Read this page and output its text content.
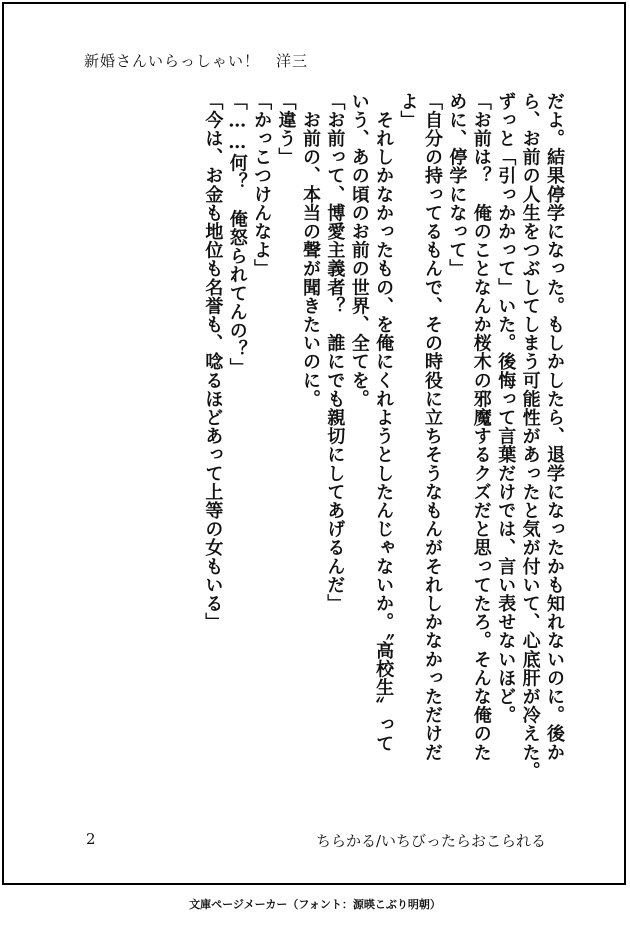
新婚さんいらっしゃい！　洋三
だよ。結果停学になった。もしかしたら、退学になったかも知れないのに。後か
ら、お前の人生をつぶしてしまう可能性があったと気が付いて、心底肝が冷えた。
ずっと「引っかかって」いた。後悔って言葉だけでは、言い表せないほど。
「お前は？　俺のことなんか桜木の邪魔するクズだと思ってたろ。そんな俺のた
めに、停学になって」
「自分の持ってるもんで、その時役に立ちそうなもんがそれしかなかっただけだ
よ」
　それしかなかったもの、を俺にくれようとしたんじゃないか。〝高校生〟って
いう、あの頃のお前の世界、全てを。
「お前って、博愛主義者？　誰にでも親切にしてあげるんだ」
　お前の、本当の聲が聞きたいのに。
「違う」
「かっこつけんなよ」
「……何？　俺怒られてんの？」
「今は、お金も地位も名誉も、唸るほどあって上等の女もいる」
2	ちらかる/いちびったらおこられる
文庫ページメーカー（フォント：源暎こぶり明朝）
